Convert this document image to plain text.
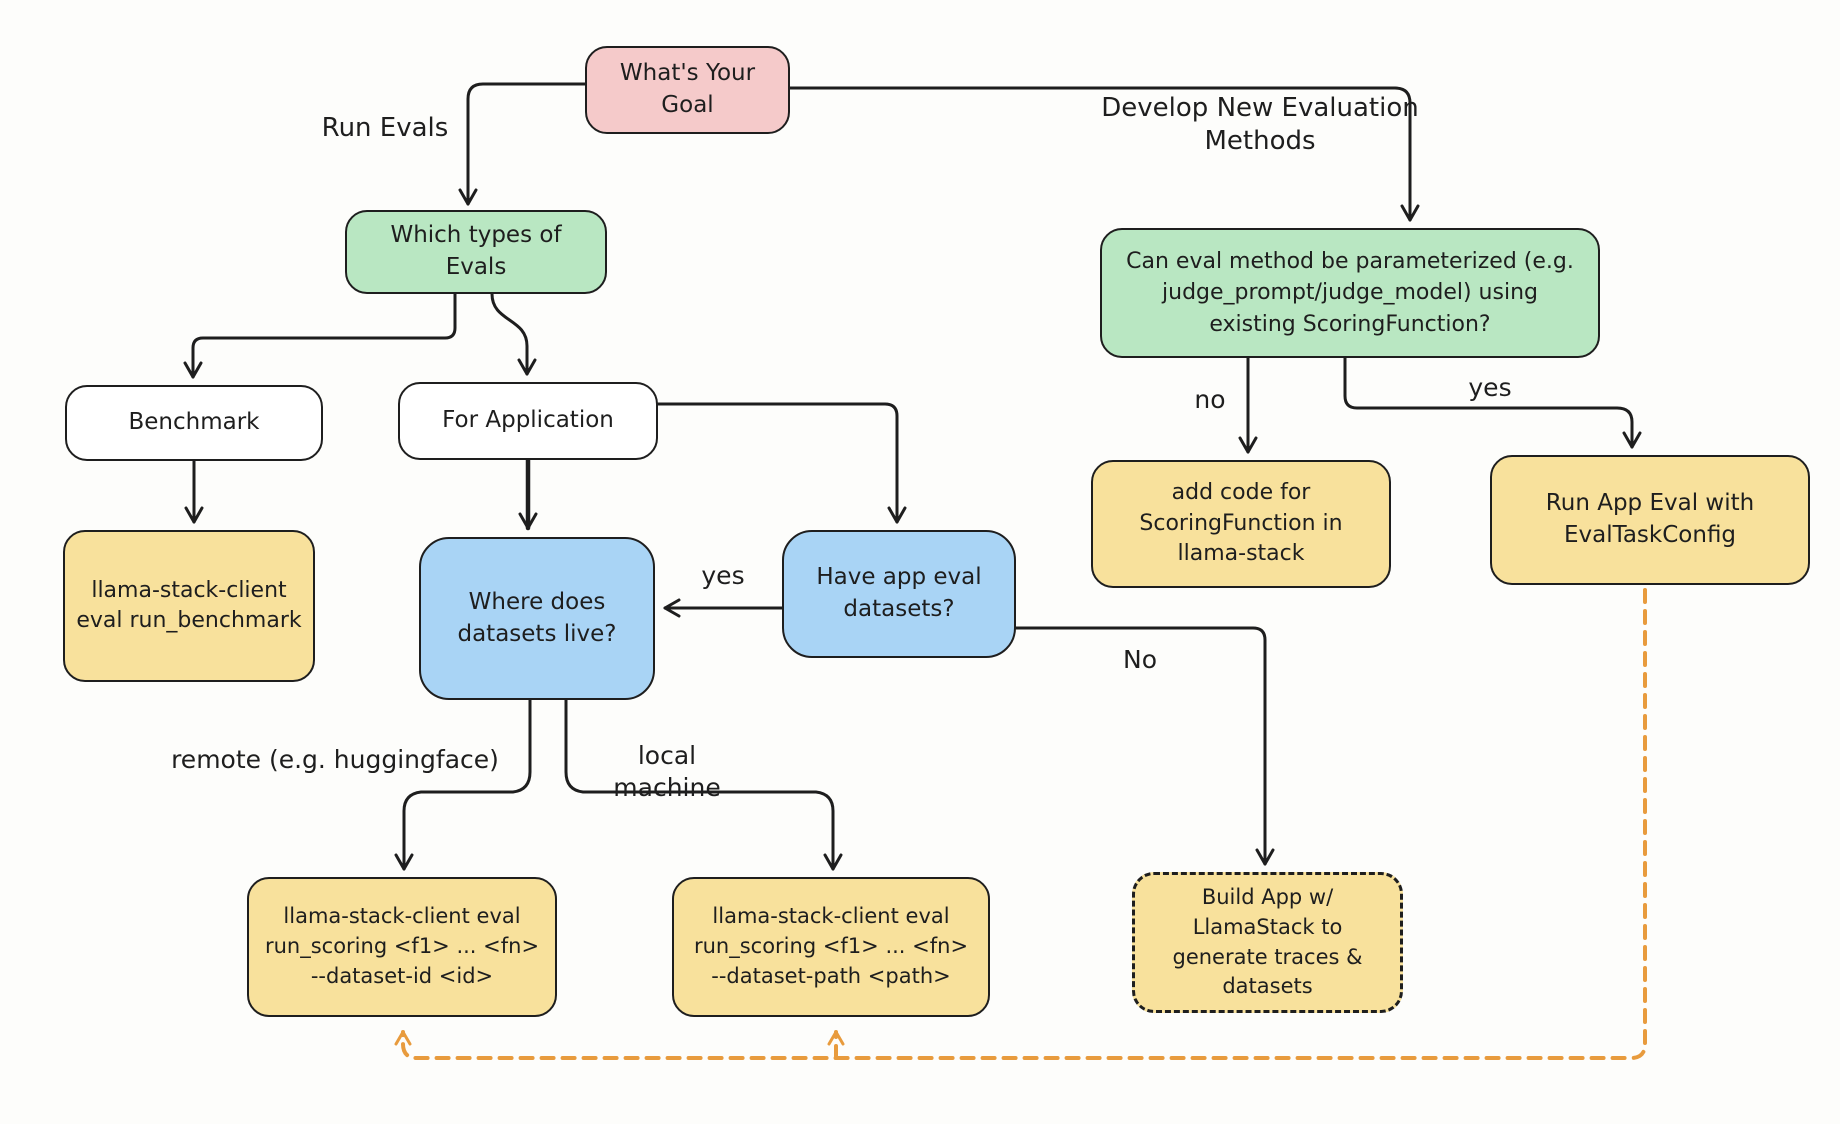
What's Your
Goal
Which types of
Evals	Can eval method be parameterized (e.g.
judge_prompt/judge_model) using
existing ScoringFunction?
Benchmark	For Application
llama-stack-client
eval run_benchmark
Where does
datasets live?
Have app eval
datasets?
add code for
ScoringFunction in
llama-stack
Run App Eval with
EvalTaskConfig
llama-stack-client eval
run_scoring <f1> ... <fn>
--dataset-id <id>
llama-stack-client eval
run_scoring <f1> ... <fn>
--dataset-path <path>
Build App w/
LlamaStack to
generate traces &
datasets
Run Evals
Develop New Evaluation
Methods
no	yes
yes
No
remote (e.g. huggingface)	local machine
